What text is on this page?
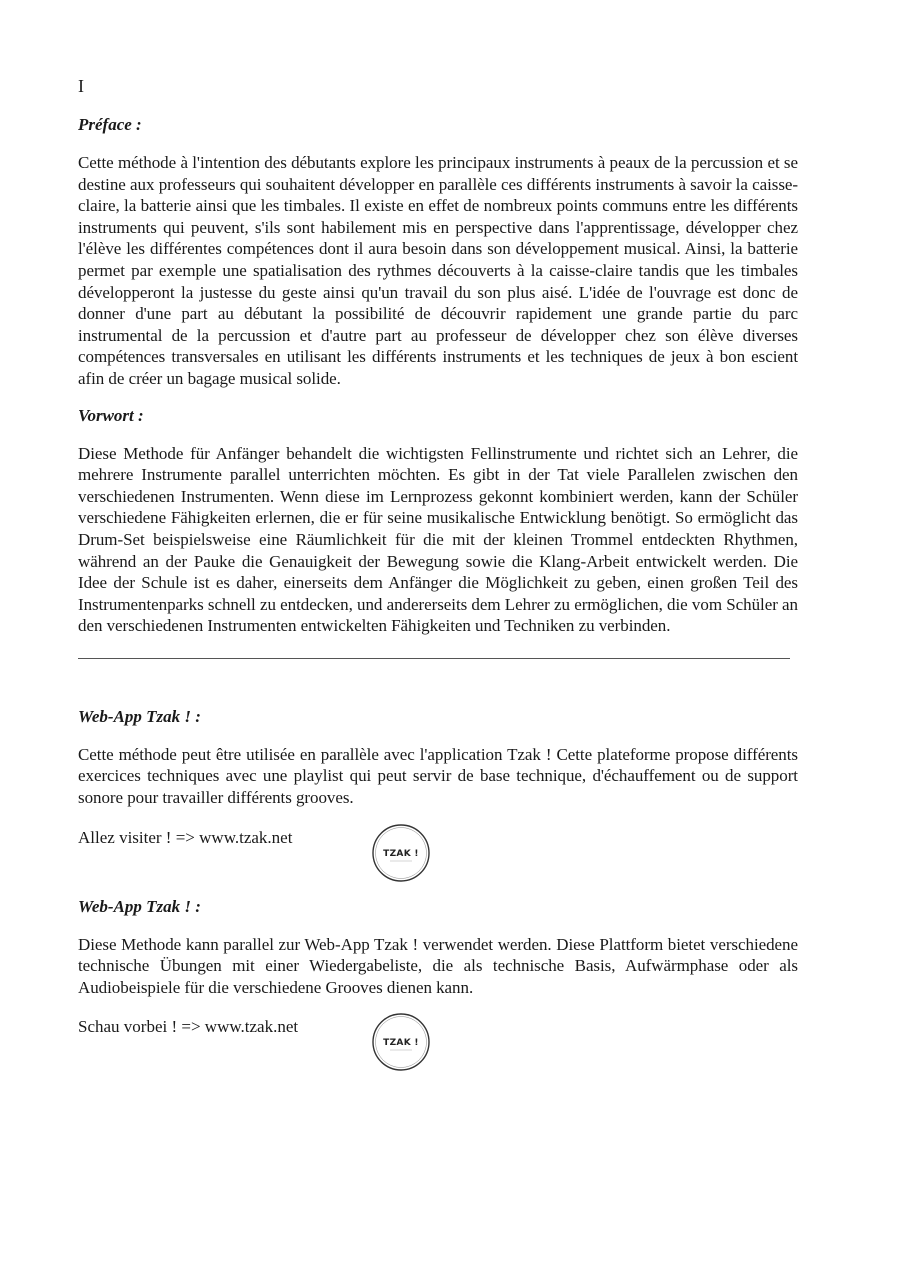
I
Préface :

Cette méthode à l'intention des débutants explore les principaux instruments à peaux de la percussion et se destine aux professeurs qui souhaitent développer en parallèle ces différents instruments à savoir la caisse-claire, la batterie ainsi que les timbales. Il existe en effet de nombreux points communs entre les différents instruments qui peuvent, s'ils sont habilement mis en perspective dans l'apprentissage, développer chez l'élève les différentes compétences dont il aura besoin dans son développement musical. Ainsi, la batterie permet par exemple une spatialisation des rythmes découverts à la caisse-claire tandis que les timbales développeront la justesse du geste ainsi qu'un travail du son plus aisé. L'idée de l'ouvrage est donc de donner d'une part au débutant la possibilité de découvrir rapidement une grande partie du parc instrumental de la percussion et d'autre part au professeur de développer chez son élève diverses compétences transversales en utilisant les différents instruments et les techniques de jeux à bon escient afin de créer un bagage musical solide.

Vorwort :

Diese Methode für Anfänger behandelt die wichtigsten Fellinstrumente und richtet sich an Lehrer, die mehrere Instrumente parallel unterrichten möchten. Es gibt in der Tat viele Parallelen zwischen den verschiedenen Instrumenten. Wenn diese im Lernprozess gekonnt kombiniert werden, kann der Schüler verschiedene Fähigkeiten erlernen, die er für seine musikalische Entwicklung benötigt. So ermöglicht das Drum-Set beispielsweise eine Räumlichkeit für die mit der kleinen Trommel entdeckten Rhythmen, während an der Pauke die Genauigkeit der Bewegung sowie die Klang-Arbeit entwickelt werden. Die Idee der Schule ist es daher, einerseits dem Anfänger die Möglichkeit zu geben, einen großen Teil des Instrumentenparks schnell zu entdecken, und andererseits dem Lehrer zu ermöglichen, die vom Schüler an den verschiedenen Instrumenten entwickelten Fähigkeiten und Techniken zu verbinden.

Web-App Tzak ! :

Cette méthode peut être utilisée en parallèle avec l'application Tzak ! Cette plateforme propose différents exercices techniques avec une playlist qui peut servir de base technique, d'échauffement ou de support sonore pour travailler différents grooves.

Allez visiter ! => www.tzak.net
TZAK !
Web-App Tzak ! :

Diese Methode kann parallel zur Web-App Tzak ! verwendet werden. Diese Plattform bietet verschiedene technische Übungen mit einer Wiedergabeliste, die als technische Basis, Aufwärmphase oder als Audiobeispiele für die verschiedene Grooves dienen kann.

Schau vorbei ! => www.tzak.net
TZAK !
